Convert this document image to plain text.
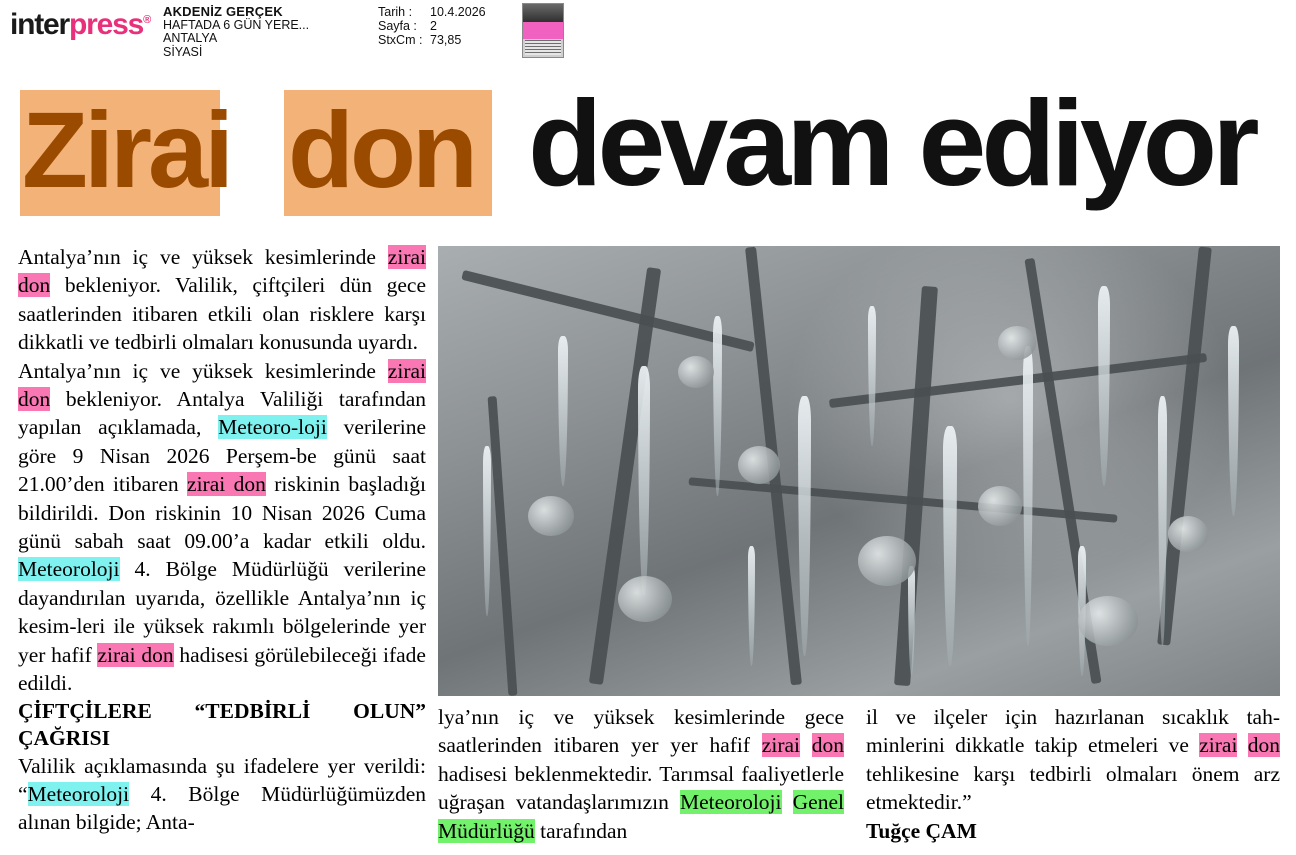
interpress®
AKDENİZ GERÇEK
HAFTADA 6 GÜN YERE...
ANTALYA
SİYASİ
Tarih : 10.4.2026
Sayfa : 2
StxCm : 73,85
Zirai don devam ediyor

Antalya’nın iç ve yüksek kesimlerinde zirai don bekleniyor. Valilik, çiftçileri dün gece saatlerinden itibaren etkili olan risklere karşı dikkatli ve tedbirli olmaları konusunda uyardı.

Antalya’nın iç ve yüksek kesimlerinde zirai don bekleniyor. Antalya Valiliği tarafından yapılan açıklamada, Meteoro-loji verilerine göre 9 Nisan 2026 Perşem-be günü saat 21.00’den itibaren zirai don riskinin başladığı bildirildi. Don riskinin 10 Nisan 2026 Cuma günü sabah saat 09.00’a kadar etkili oldu. Meteoroloji 4. Bölge Müdürlüğü verilerine dayandırılan uyarıda, özellikle Antalya’nın iç kesim-leri ile yüksek rakımlı bölgelerinde yer yer hafif zirai don hadisesi görülebileceği ifade edildi.

ÇİFTÇİLERE “TEDBİRLİ OLUN” ÇAĞRISI

Valilik açıklamasında şu ifadelere yer verildi: “Meteoroloji 4. Bölge Müdürlüğümüzden alınan bilgide; Anta-

lya’nın iç ve yüksek kesimlerinde gece saatlerinden itibaren yer yer hafif zirai don hadisesi beklenmektedir. Tarımsal faaliyetlerle uğraşan vatandaşlarımızın Meteoroloji Genel Müdürlüğü tarafından

il ve ilçeler için hazırlanan sıcaklık tah-minlerini dikkatle takip etmeleri ve zirai don tehlikesine karşı tedbirli olmaları önem arz etmektedir.”

Tuğçe ÇAM
